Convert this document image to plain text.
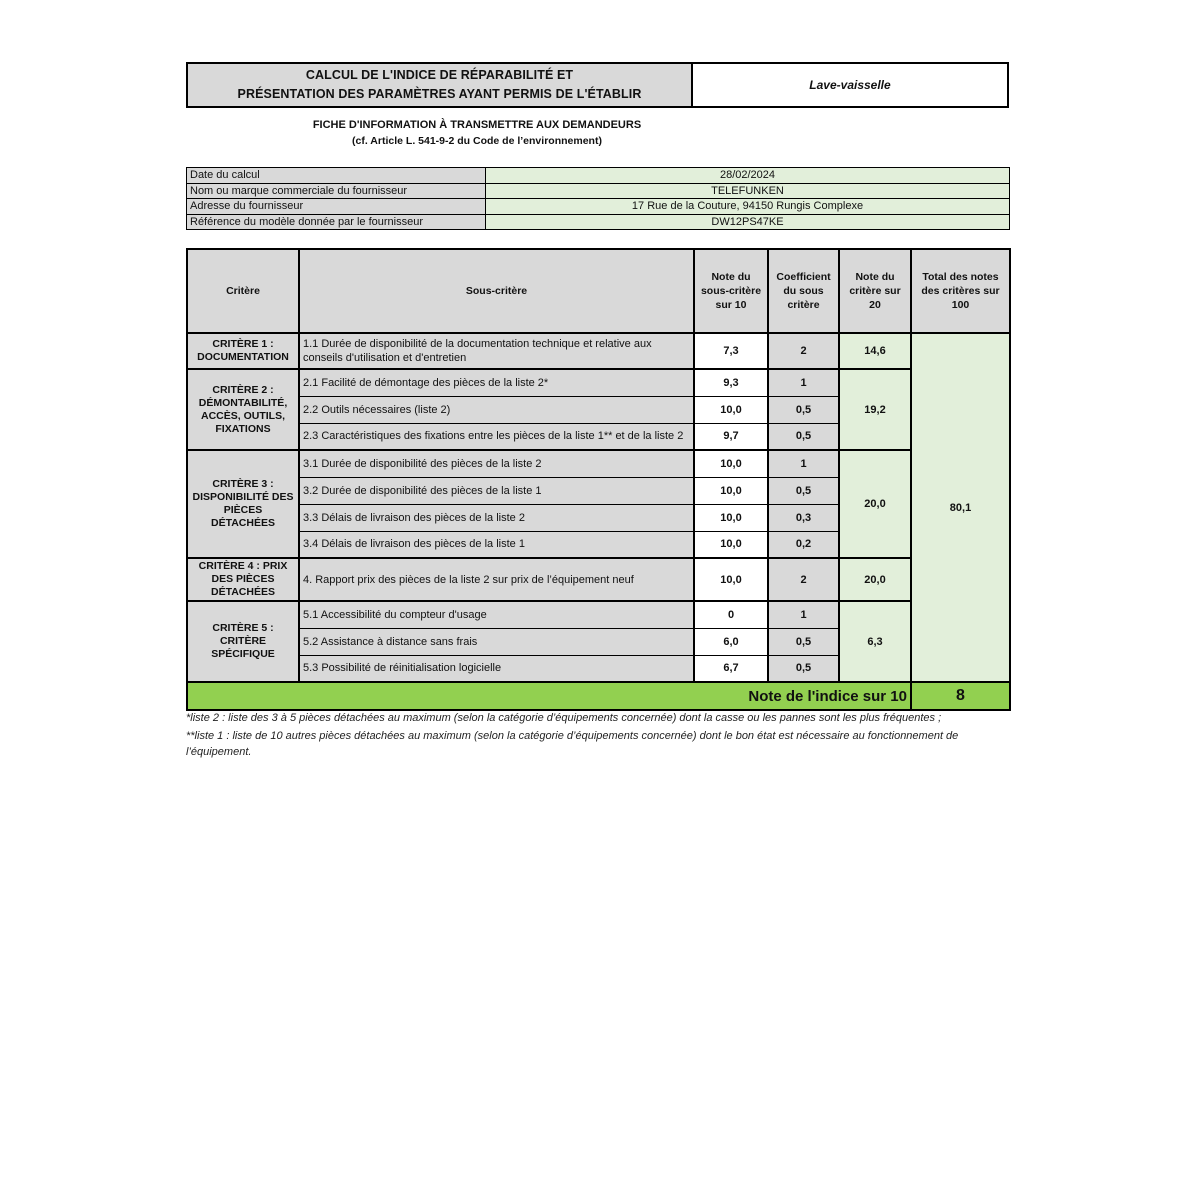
CALCUL DE L'INDICE DE RÉPARABILITÉ ET
PRÉSENTATION DES PARAMÈTRES AYANT PERMIS DE L'ÉTABLIR
Lave-vaisselle
FICHE D'INFORMATION À TRANSMETTRE AUX DEMANDEURS
(cf. Article L. 541-9-2 du Code de l’environnement)
Date du calcul	28/02/2024
Nom ou marque commerciale du fournisseur	TELEFUNKEN
Adresse du fournisseur	17 Rue de la Couture, 94150 Rungis Complexe
Référence du modèle donnée par le fournisseur	DW12PS47KE
Critère	Sous-critère	Note du sous-critère sur 10	Coefficient du sous critère	Note du critère sur 20	Total des notes des critères sur 100
CRITÈRE 1 : DOCUMENTATION	1.1 Durée de disponibilité de la documentation technique et relative aux conseils d'utilisation et d'entretien	7,3	2	14,6	80,1
CRITÈRE 2 : DÉMONTABILITÉ, ACCÈS, OUTILS, FIXATIONS	2.1 Facilité de démontage des pièces de la liste 2*	9,3	1	19,2	
	2.2 Outils nécessaires (liste 2)	10,0	0,5		
	2.3 Caractéristiques des fixations entre les pièces de la liste 1** et de la liste 2	9,7	0,5		
CRITÈRE 3 : DISPONIBILITÉ DES PIÈCES DÉTACHÉES	3.1 Durée de disponibilité des pièces de la liste 2	10,0	1	20,0	
	3.2 Durée de disponibilité des pièces de la liste 1	10,0	0,5		
	3.3 Délais de livraison des pièces de la liste 2	10,0	0,3		
	3.4 Délais de livraison des pièces de la liste 1	10,0	0,2		
CRITÈRE 4 : PRIX DES PIÈCES DÉTACHÉES	4. Rapport prix des pièces de la liste 2 sur prix de l’équipement neuf	10,0	2	20,0	
CRITÈRE 5 : CRITÈRE SPÉCIFIQUE	5.1 Accessibilité du compteur d'usage	0	1	6,3	
	5.2 Assistance à distance sans frais	6,0	0,5		
	5.3 Possibilité de réinitialisation logicielle	6,7	0,5		
Note de l'indice sur 10					8

*liste 2 : liste des 3 à 5 pièces détachées au maximum (selon la catégorie d’équipements concernée) dont la casse ou les pannes sont les plus fréquentes ;

**liste 1 : liste de 10 autres pièces détachées au maximum (selon la catégorie d’équipements concernée) dont le bon état est nécessaire au fonctionnement de l’équipement.
